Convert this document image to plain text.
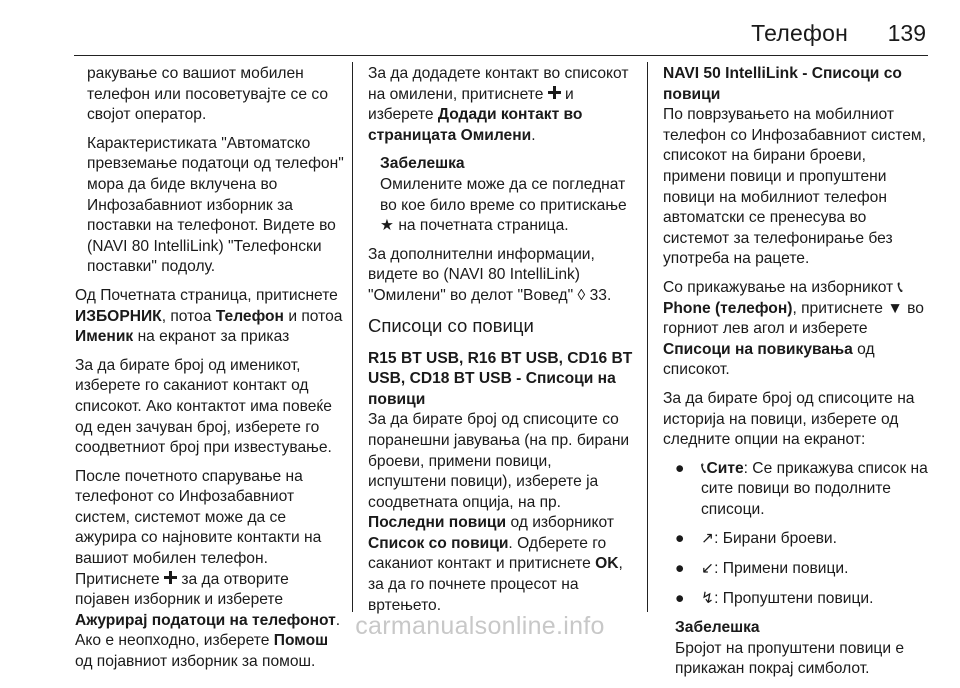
Телефон 139

ракување со вашиот мобилен телефон или посоветувајте се со својот оператор.

Карактеристиката "Автоматско превземање податоци од телефон" мора да биде вклучена во Инфозабавниот изборник за поставки на телефонот. Видете во (NAVI 80 IntelliLink) "Телефонски поставки" подолу.

Од Почетната страница, притиснете ИЗБОРНИК, потоа Телефон и потоа Именик на екранот за приказ

За да бирате број од именикот, изберете го саканиот контакт од списокот. Ако контактот има повеќе од еден зачуван број, изберете го соодветниот број при известувањe.

После почетното спарување на телефонот со Инфозабавниот систем, системот може да се ажурира со најновите контакти на вашиот мобилен телефон. Притиснете  за да отворите појавен изборник и изберете Ажурирај податоци на телефонот. Ако е неопходно, изберете Помош од појавниот изборник за помош.

За да додадете контакт во списокот на омилени, притиснете  и изберете Додади контакт во страницата Омилени.

Забелешка
Омилените може да се погледнат во кое било време со притискање ★ на почетната страница.

За дополнителни информации, видете во (NAVI 80 IntelliLink) "Омилени" во делот "Вовед" ◊ 33.

Списоци со повици
R15 BT USB, R16 BT USB, CD16 BT USB, CD18 BT USB - Списоци на повици

За да бирате број од списоците со поранешни јавувања (на пр. бирани броеви, примени повици, испуштени повици), изберете ја соодветната опција, на пр.

Последни повици од изборникот Список со повици. Одберете го саканиот контакт и притиснете OK, за да го почнете процесот на вртењето.

NAVI 50 IntelliLink - Списоци со повици

По поврзувањето на мобилниот телефон со Инфозабавниот систем, списокот на бирани броеви, примени повици и пропуштени повици на мобилниот телефон автоматски се пренесува во системот за телефонирање без употреба на рацете.

Со прикажување на изборникот 📞︎Phone (телефон), притиснете ▼ во горниот лев агол и изберете Списоци на повикувања од списокот.

За да бирате број од списоците на историја на повици, изберете од следните опции на екранот:

● 📞︎Сите: Се прикажува список на сите повици во подолните списоци.
● ↗: Бирани броеви.
● ↙: Примени повици.
● ↯: Пропуштени повици.
Забелешка
Бројот на пропуштени повици е прикажан покрај симболот.
carmanualsonline.info
